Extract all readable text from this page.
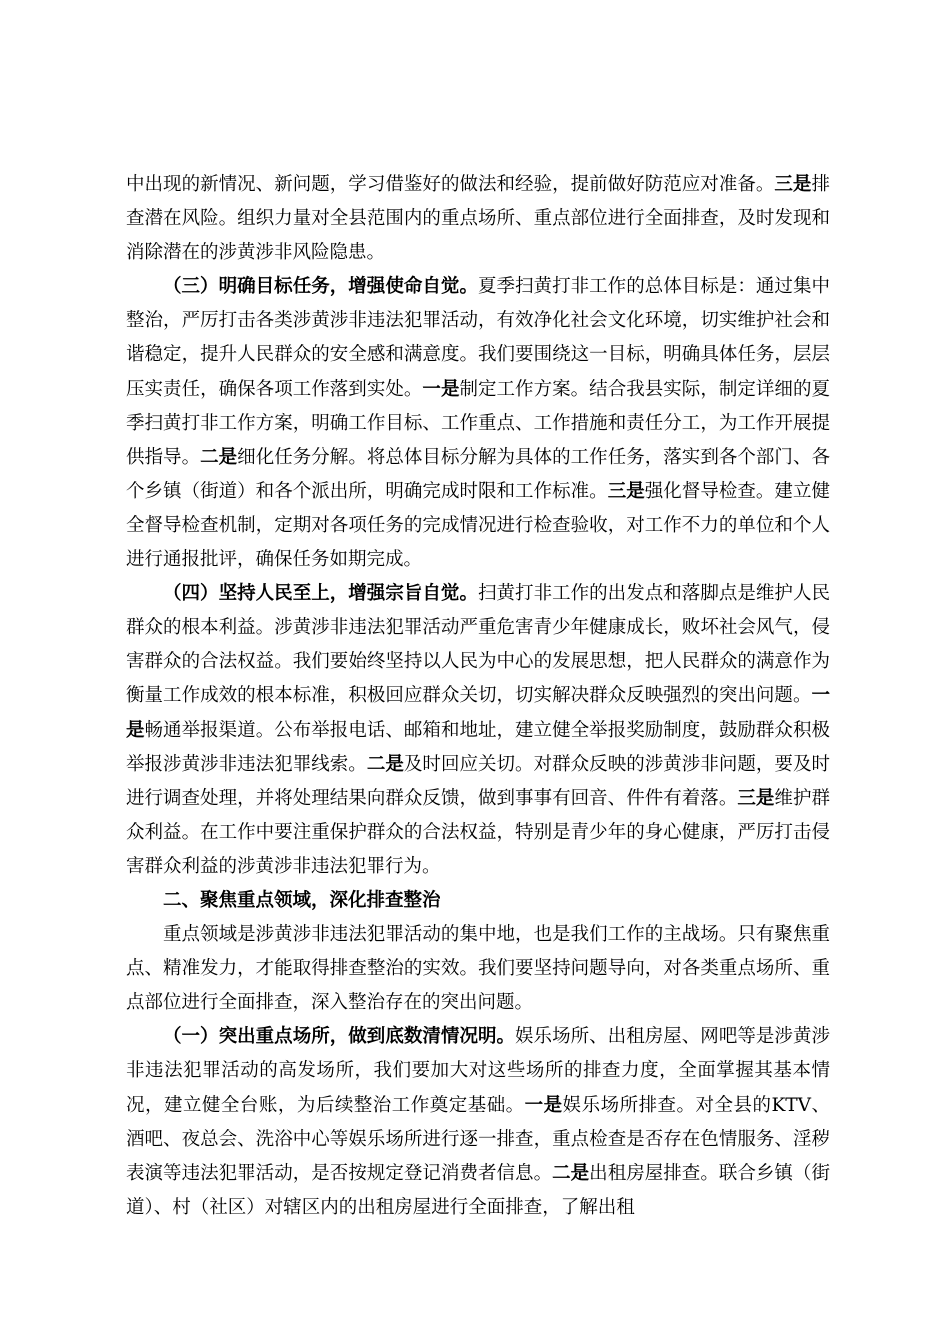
中出现的新情况、新问题，学习借鉴好的做法和经验，提前做好防范应对准备。三是排查潜在风险。组织力量对全县范围内的重点场所、重点部位进行全面排查，及时发现和消除潜在的涉黄涉非风险隐患。

（三）明确目标任务，增强使命自觉。夏季扫黄打非工作的总体目标是：通过集中整治，严厉打击各类涉黄涉非违法犯罪活动，有效净化社会文化环境，切实维护社会和谐稳定，提升人民群众的安全感和满意度。我们要围绕这一目标，明确具体任务，层层压实责任，确保各项工作落到实处。一是制定工作方案。结合我县实际，制定详细的夏季扫黄打非工作方案，明确工作目标、工作重点、工作措施和责任分工，为工作开展提供指导。二是细化任务分解。将总体目标分解为具体的工作任务，落实到各个部门、各个乡镇（街道）和各个派出所，明确完成时限和工作标准。三是强化督导检查。建立健全督导检查机制，定期对各项任务的完成情况进行检查验收，对工作不力的单位和个人进行通报批评，确保任务如期完成。

（四）坚持人民至上，增强宗旨自觉。扫黄打非工作的出发点和落脚点是维护人民群众的根本利益。涉黄涉非违法犯罪活动严重危害青少年健康成长，败坏社会风气，侵害群众的合法权益。我们要始终坚持以人民为中心的发展思想，把人民群众的满意作为衡量工作成效的根本标准，积极回应群众关切，切实解决群众反映强烈的突出问题。一是畅通举报渠道。公布举报电话、邮箱和地址，建立健全举报奖励制度，鼓励群众积极举报涉黄涉非违法犯罪线索。二是及时回应关切。对群众反映的涉黄涉非问题，要及时进行调查处理，并将处理结果向群众反馈，做到事事有回音、件件有着落。三是维护群众利益。在工作中要注重保护群众的合法权益，特别是青少年的身心健康，严厉打击侵害群众利益的涉黄涉非违法犯罪行为。

二、聚焦重点领域，深化排查整治

重点领域是涉黄涉非违法犯罪活动的集中地，也是我们工作的主战场。只有聚焦重点、精准发力，才能取得排查整治的实效。我们要坚持问题导向，对各类重点场所、重点部位进行全面排查，深入整治存在的突出问题。

（一）突出重点场所，做到底数清情况明。娱乐场所、出租房屋、网吧等是涉黄涉非违法犯罪活动的高发场所，我们要加大对这些场所的排查力度，全面掌握其基本情况，建立健全台账，为后续整治工作奠定基础。一是娱乐场所排查。对全县的KTV、酒吧、夜总会、洗浴中心等娱乐场所进行逐一排查，重点检查是否存在色情服务、淫秽表演等违法犯罪活动，是否按规定登记消费者信息。二是出租房屋排查。联合乡镇（街道）、村（社区）对辖区内的出租房屋进行全面排查，了解出租
